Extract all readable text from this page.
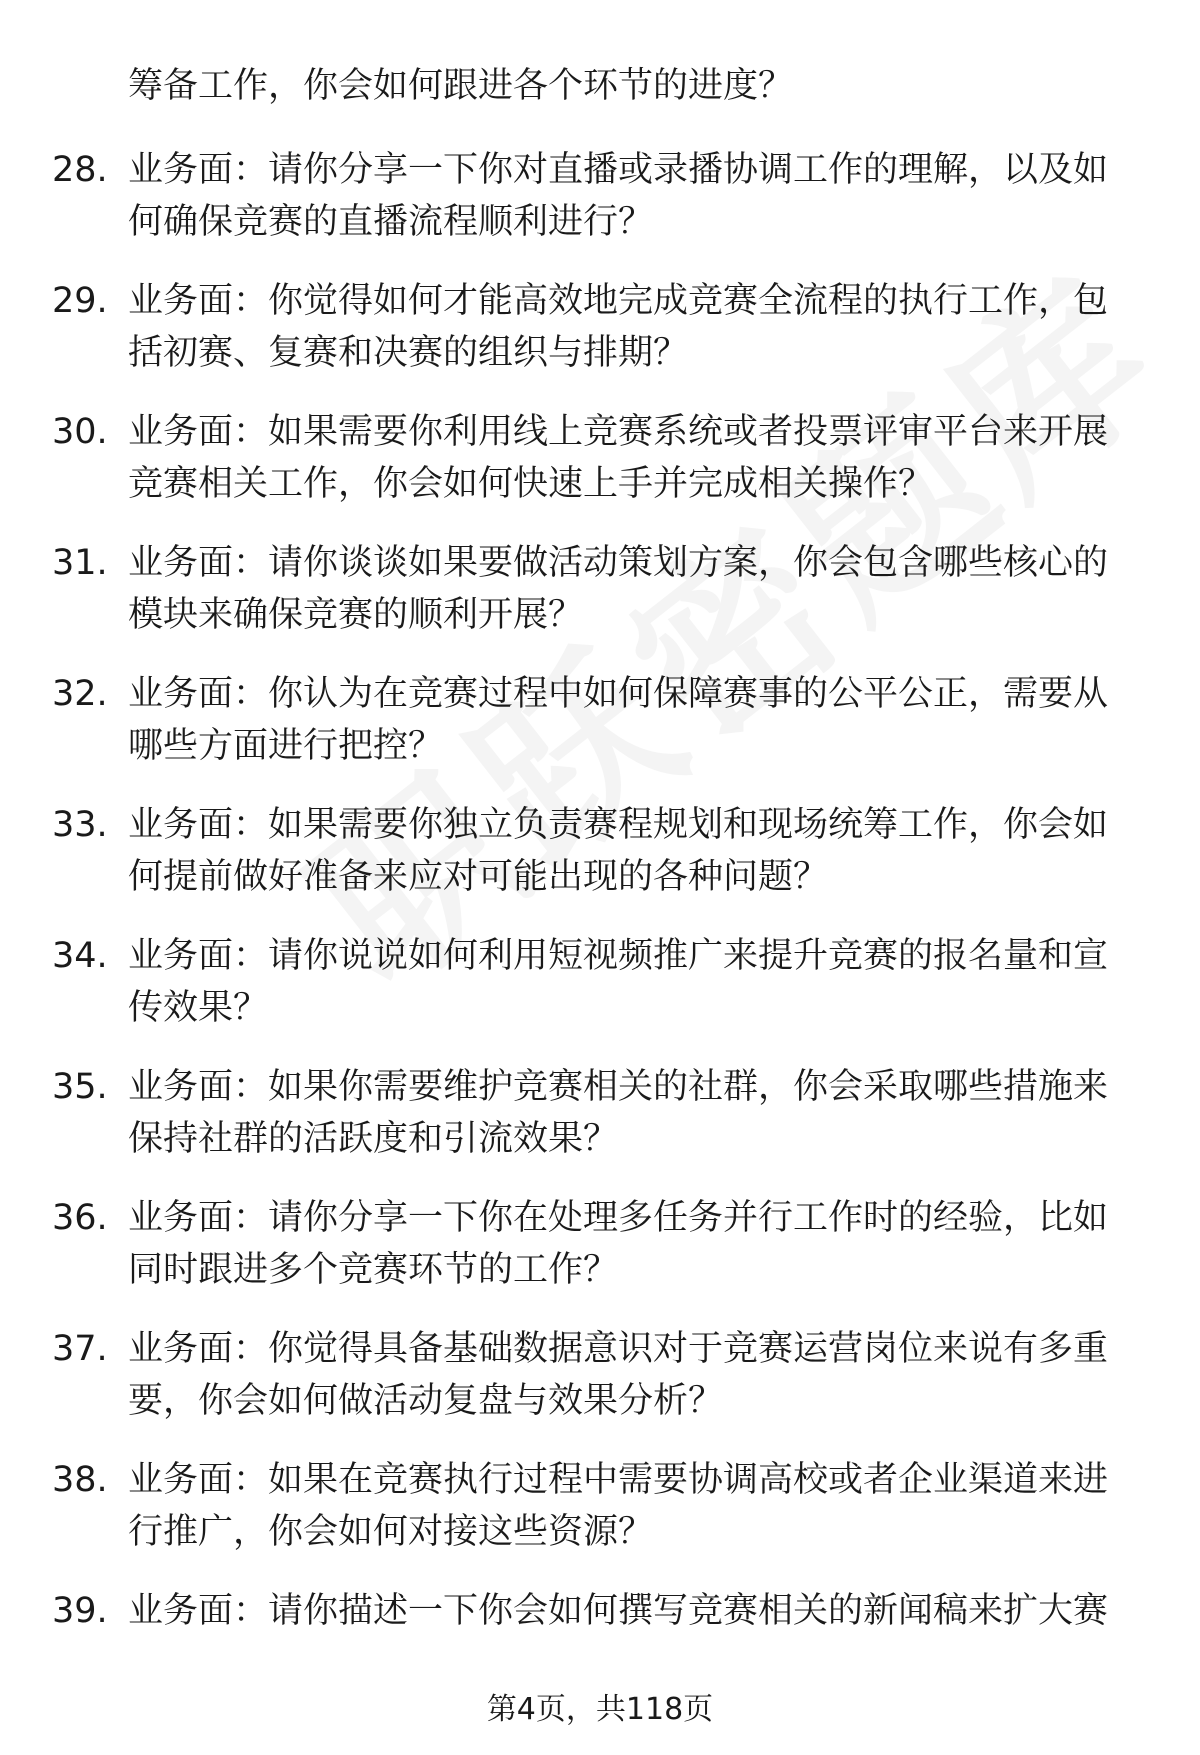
筹备工作，你会如何跟进各个环节的进度？
28. 业务面：请你分享一下你对直播或录播协调工作的理解，以及如
何确保竞赛的直播流程顺利进行？
29. 业务面：你觉得如何才能高效地完成竞赛全流程的执行工作，包
括初赛、复赛和决赛的组织与排期？
30. 业务面：如果需要你利用线上竞赛系统或者投票评审平台来开展
竞赛相关工作，你会如何快速上手并完成相关操作？
31. 业务面：请你谈谈如果要做活动策划方案，你会包含哪些核心的
模块来确保竞赛的顺利开展？
32. 业务面：你认为在竞赛过程中如何保障赛事的公平公正，需要从
哪些方面进行把控？
33. 业务面：如果需要你独立负责赛程规划和现场统筹工作，你会如
何提前做好准备来应对可能出现的各种问题？
34. 业务面：请你说说如何利用短视频推广来提升竞赛的报名量和宣
传效果？
35. 业务面：如果你需要维护竞赛相关的社群，你会采取哪些措施来
保持社群的活跃度和引流效果？
36. 业务面：请你分享一下你在处理多任务并行工作时的经验，比如
同时跟进多个竞赛环节的工作？
37. 业务面：你觉得具备基础数据意识对于竞赛运营岗位来说有多重
要，你会如何做活动复盘与效果分析？
38. 业务面：如果在竞赛执行过程中需要协调高校或者企业渠道来进
行推广，你会如何对接这些资源？
39. 业务面：请你描述一下你会如何撰写竞赛相关的新闻稿来扩大赛
第4页，共118页
